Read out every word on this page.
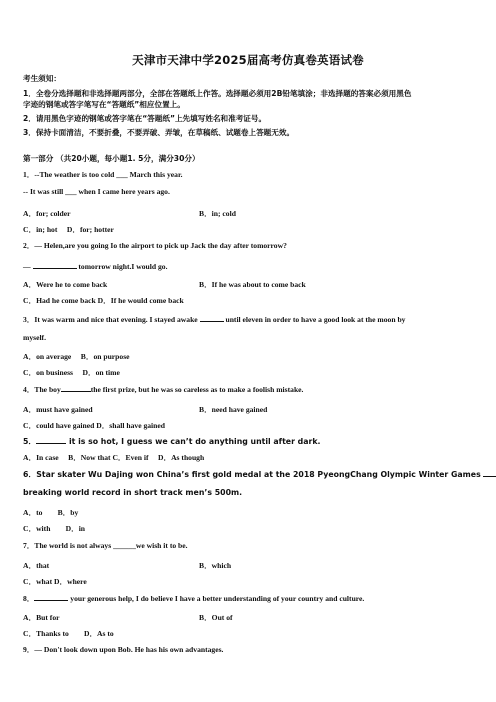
天津市天津中学2025届高考仿真卷英语试卷
考生须知：
1．全卷分选择题和非选择题两部分，全部在答题纸上作答。选择题必须用2B铅笔填涂；非选择题的答案必须用黑色
字迹的钢笔或答字笔写在“答题纸”相应位置上。
2．请用黑色字迹的钢笔或答字笔在“答题纸”上先填写姓名和准考证号。
3．保持卡面清洁，不要折叠，不要弄破、弄皱，在草稿纸、试题卷上答题无效。
第一部分 （共20小题，每小题1. 5分，满分30分）
1．--The weather is too cold ___ March this year.
-- It was still ___ when I came here years ago.
A．for; colder	B．in; cold
C．in; hot　 D．for; hotter
2．— Helen,are you going Io the airport to pick up Jack the day after tomorrow?
—	tomorrow night.I would go.
A．Were he to come back	B．If he was about to come back
C．Had he come back D．If he would come back
3．It was warm and nice that evening. I stayed awake	until eleven in order to have a good look at the moon by
myself.
A．on average　 B．on purpose
C．on business　 D．on time
4．The boy	the first prize, but he was so careless as to make a foolish mistake.
A．must have gained	B．need have gained
C．could have gained D．shall have gained
5．	it is so hot, I guess we can’t do anything until after dark.
A．In case　 B．Now that C．Even if　 D．As though
6．Star skater Wu Dajing won China’s first gold medal at the 2018 PyeongChang Olympic Winter Games
breaking world record in short track men’s 500m.
A．to　　B．by
C．with　　D．in
7．The world is not always ______we wish it to be.
A．that	B．which
C．what D．where
8．	your generous help, I do believe I have a better understanding of your country and culture.
A．But for	B．Out of
C．Thanks to　　D．As to
9．— Don't look down upon Bob. He has his own advantages.
